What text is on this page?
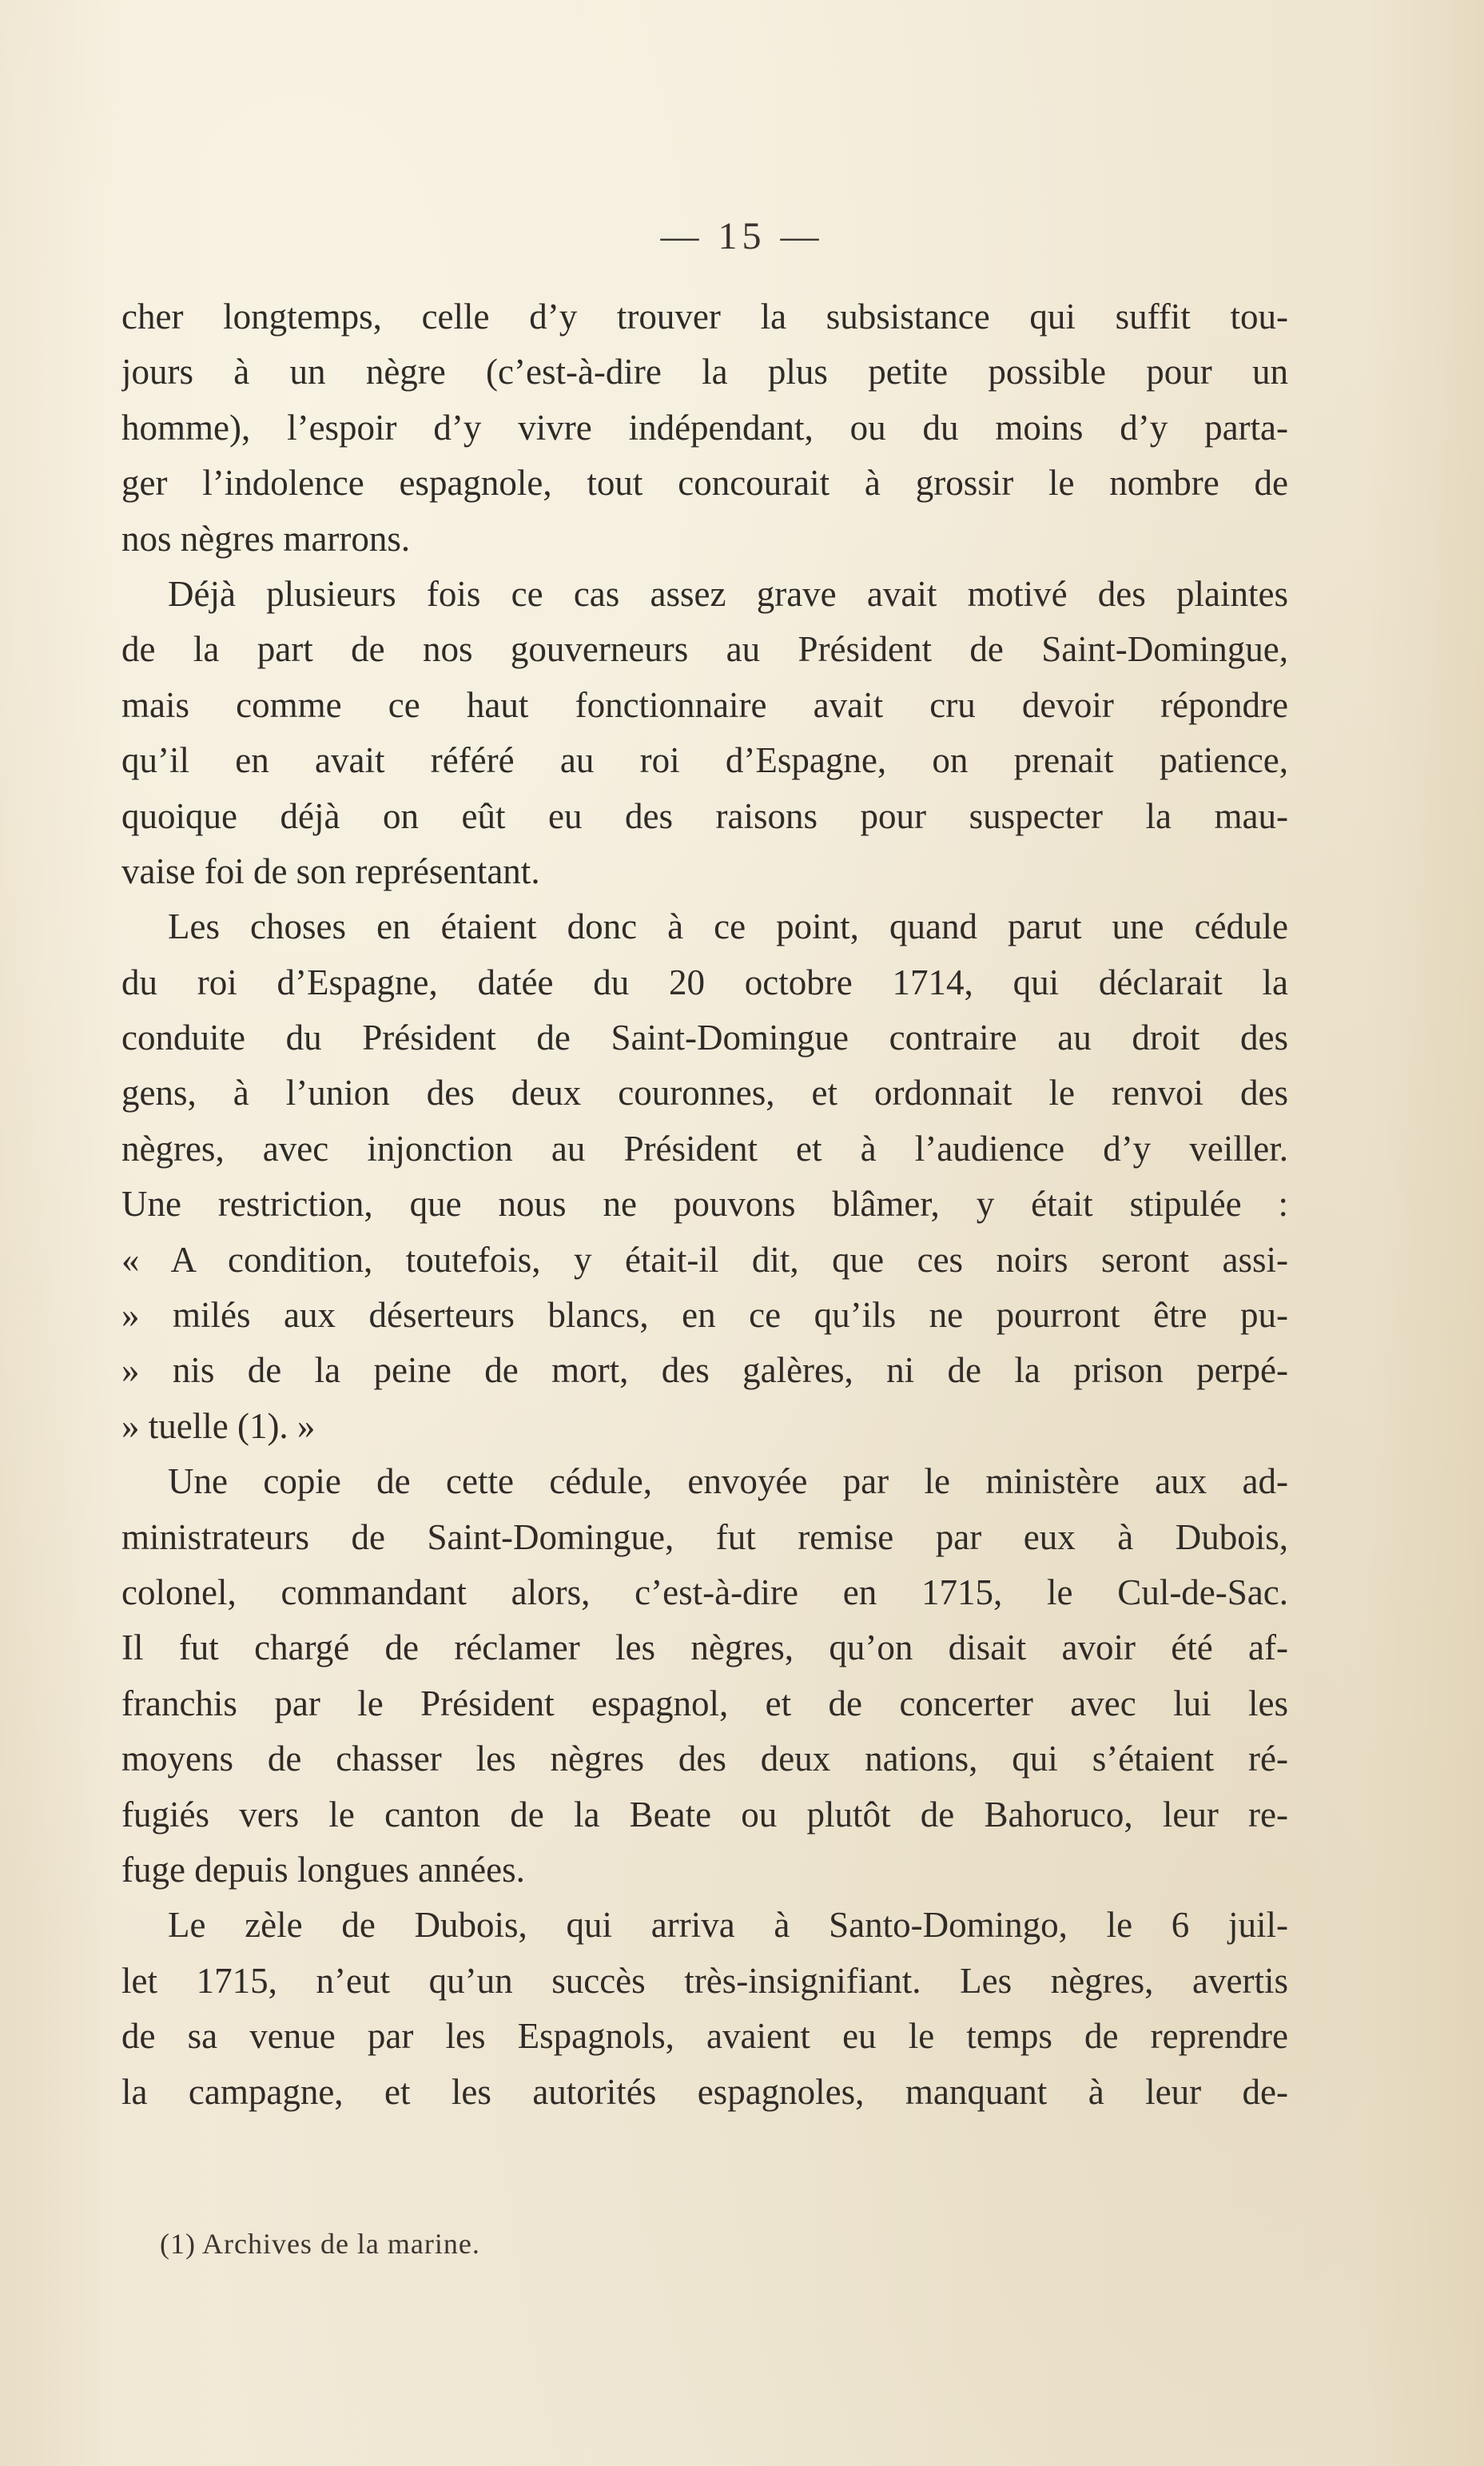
— 15 —
cher longtemps, celle d’y trouver la subsistance qui suffit tou-
jours à un nègre (c’est-à-dire la plus petite possible pour un
homme), l’espoir d’y vivre indépendant, ou du moins d’y parta-
ger l’indolence espagnole, tout concourait à grossir le nombre de
nos nègres marrons.
Déjà plusieurs fois ce cas assez grave avait motivé des plaintes
de la part de nos gouverneurs au Président de Saint-Domingue,
mais comme ce haut fonctionnaire avait cru devoir répondre
qu’il en avait référé au roi d’Espagne, on prenait patience,
quoique déjà on eût eu des raisons pour suspecter la mau-
vaise foi de son représentant.
Les choses en étaient donc à ce point, quand parut une cédule
du roi d’Espagne, datée du 20 octobre 1714, qui déclarait la
conduite du Président de Saint-Domingue contraire au droit des
gens, à l’union des deux couronnes, et ordonnait le renvoi des
nègres, avec injonction au Président et à l’audience d’y veiller.
Une restriction, que nous ne pouvons blâmer, y était stipulée :
« A condition, toutefois, y était-il dit, que ces noirs seront assi-
» milés aux déserteurs blancs, en ce qu’ils ne pourront être pu-
» nis de la peine de mort, des galères, ni de la prison perpé-
» tuelle (1). »
Une copie de cette cédule, envoyée par le ministère aux ad-
ministrateurs de Saint-Domingue, fut remise par eux à Dubois,
colonel, commandant alors, c’est-à-dire en 1715, le Cul-de-Sac.
Il fut chargé de réclamer les nègres, qu’on disait avoir été af-
franchis par le Président espagnol, et de concerter avec lui les
moyens de chasser les nègres des deux nations, qui s’étaient ré-
fugiés vers le canton de la Beate ou plutôt de Bahoruco, leur re-
fuge depuis longues années.
Le zèle de Dubois, qui arriva à Santo-Domingo, le 6 juil-
let 1715, n’eut qu’un succès très-insignifiant. Les nègres, avertis
de sa venue par les Espagnols, avaient eu le temps de reprendre
la campagne, et les autorités espagnoles, manquant à leur de-
(1) Archives de la marine.
